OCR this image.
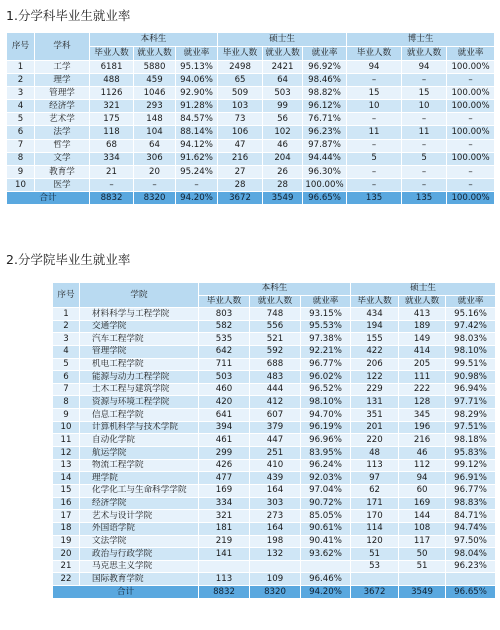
1.分学科毕业生就业率
序号	学科	本科生			硕士生			博士生		
		毕业人数	就业人数	就业率	毕业人数	就业人数	就业率	毕业人数	就业人数	就业率
1	工学	6181	5880	95.13%	2498	2421	96.92%	94	94	100.00%
2	理学	488	459	94.06%	65	64	98.46%	–	–	–
3	管理学	1126	1046	92.90%	509	503	98.82%	15	15	100.00%
4	经济学	321	293	91.28%	103	99	96.12%	10	10	100.00%
5	艺术学	175	148	84.57%	73	56	76.71%	–	–	–
6	法学	118	104	88.14%	106	102	96.23%	11	11	100.00%
7	哲学	68	64	94.12%	47	46	97.87%	–	–	–
8	文学	334	306	91.62%	216	204	94.44%	5	5	100.00%
9	教育学	21	20	95.24%	27	26	96.30%	–	–	–
10	医学	–	–	–	28	28	100.00%	–	–	–
合计		8832	8320	94.20%	3672	3549	96.65%	135	135	100.00%
2.分学院毕业生就业率
序号	学院	本科生			硕士生		
		毕业人数	就业人数	就业率	毕业人数	就业人数	就业率
1	材料科学与工程学院	803	748	93.15%	434	413	95.16%
2	交通学院	582	556	95.53%	194	189	97.42%
3	汽车工程学院	535	521	97.38%	155	149	98.03%
4	管理学院	642	592	92.21%	422	414	98.10%
5	机电工程学院	711	688	96.77%	206	205	99.51%
6	能源与动力工程学院	503	483	96.02%	122	111	90.98%
7	土木工程与建筑学院	460	444	96.52%	229	222	96.94%
8	资源与环境工程学院	420	412	98.10%	131	128	97.71%
9	信息工程学院	641	607	94.70%	351	345	98.29%
10	计算机科学与技术学院	394	379	96.19%	201	196	97.51%
11	自动化学院	461	447	96.96%	220	216	98.18%
12	航运学院	299	251	83.95%	48	46	95.83%
13	物流工程学院	426	410	96.24%	113	112	99.12%
14	理学院	477	439	92.03%	97	94	96.91%
15	化学化工与生命科学学院	169	164	97.04%	62	60	96.77%
16	经济学院	334	303	90.72%	171	169	98.83%
17	艺术与设计学院	321	273	85.05%	170	144	84.71%
18	外国语学院	181	164	90.61%	114	108	94.74%
19	文法学院	219	198	90.41%	120	117	97.50%
20	政治与行政学院	141	132	93.62%	51	50	98.04%
21	马克思主义学院				53	51	96.23%
22	国际教育学院	113	109	96.46%			
合计		8832	8320	94.20%	3672	3549	96.65%
